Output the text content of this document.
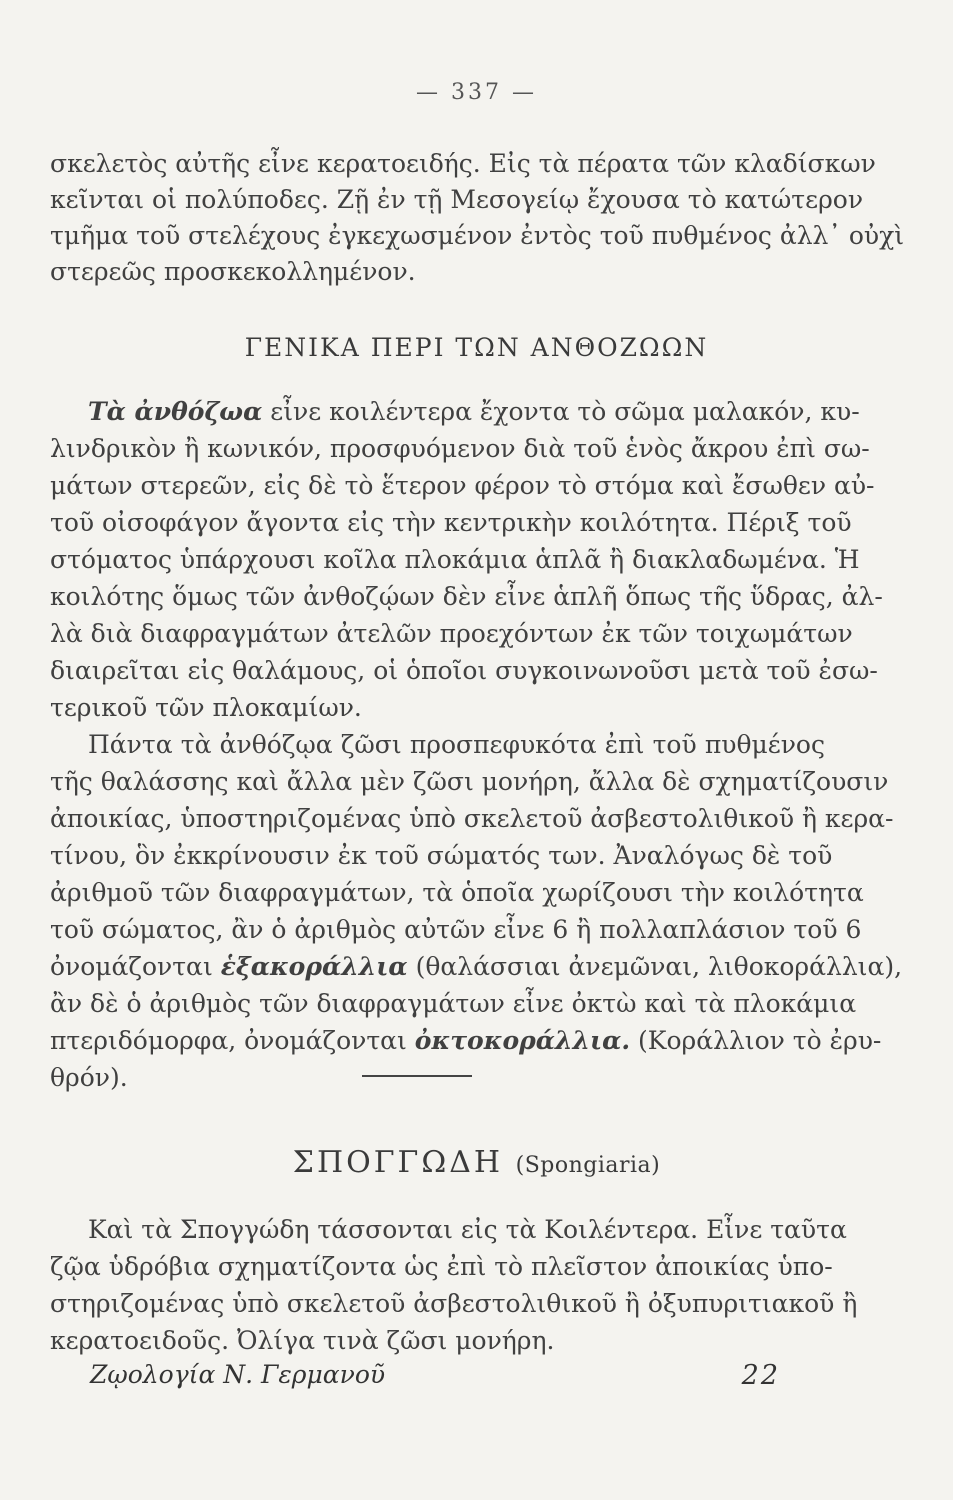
— 337 —
σκελετὸς αὐτῆς εἶνε κερατοειδής. Εἰς τὰ πέρατα τῶν κλαδίσκων
κεῖνται οἱ πολύποδες. Ζῇ ἐν τῇ Μεσογείῳ ἔχουσα τὸ κατώτερον
τμῆμα τοῦ στελέχους ἐγκεχωσμένον ἐντὸς τοῦ πυθμένος ἀλλ᾽ οὐχὶ
στερεῶς προσκεκολλημένον.
ΓΕΝΙΚΑ ΠΕΡΙ ΤΩΝ ΑΝΘΟΖΩΩΝ
Τὰ ἀνθόζωα εἶνε κοιλέντερα ἔχοντα τὸ σῶμα μαλακόν, κυ-
λινδρικὸν ἢ κωνικόν, προσφυόμενον διὰ τοῦ ἑνὸς ἄκρου ἐπὶ σω-
μάτων στερεῶν, εἰς δὲ τὸ ἕτερον φέρον τὸ στόμα καὶ ἔσωθεν αὐ-
τοῦ οἰσοφάγον ἄγοντα εἰς τὴν κεντρικὴν κοιλότητα. Πέριξ τοῦ
στόματος ὑπάρχουσι κοῖλα πλοκάμια ἁπλᾶ ἢ διακλαδωμένα. Ἡ
κοιλότης ὅμως τῶν ἀνθοζῴων δὲν εἶνε ἁπλῆ ὅπως τῆς ὕδρας, ἀλ-
λὰ διὰ διαφραγμάτων ἀτελῶν προεχόντων ἐκ τῶν τοιχωμάτων
διαιρεῖται εἰς θαλάμους, οἱ ὁποῖοι συγκοινωνοῦσι μετὰ τοῦ ἐσω-
τερικοῦ τῶν πλοκαμίων.
Πάντα τὰ ἀνθόζῳα ζῶσι προσπεφυκότα ἐπὶ τοῦ πυθμένος
τῆς θαλάσσης καὶ ἄλλα μὲν ζῶσι μονήρη, ἄλλα δὲ σχηματίζουσιν
ἀποικίας, ὑποστηριζομένας ὑπὸ σκελετοῦ ἀσβεστολιθικοῦ ἢ κερα-
τίνου, ὃν ἐκκρίνουσιν ἐκ τοῦ σώματός των. Ἀναλόγως δὲ τοῦ
ἀριθμοῦ τῶν διαφραγμάτων, τὰ ὁποῖα χωρίζουσι τὴν κοιλότητα
τοῦ σώματος, ἂν ὁ ἀριθμὸς αὐτῶν εἶνε 6 ἢ πολλαπλάσιον τοῦ 6
ὀνομάζονται ἑξακοράλλια (θαλάσσιαι ἀνεμῶναι, λιθοκοράλλια),
ἂν δὲ ὁ ἀριθμὸς τῶν διαφραγμάτων εἶνε ὀκτὼ καὶ τὰ πλοκάμια
πτεριδόμορφα, ὀνομάζονται ὀκτοκοράλλια. (Κοράλλιον τὸ ἐρυ-
θρόν).
ΣΠΟΓΓΩΔΗ (Spongiaria)
Καὶ τὰ Σπογγώδη τάσσονται εἰς τὰ Κοιλέντερα. Εἶνε ταῦτα
ζῷα ὑδρόβια σχηματίζοντα ὡς ἐπὶ τὸ πλεῖστον ἀποικίας ὑπο-
στηριζομένας ὑπὸ σκελετοῦ ἀσβεστολιθικοῦ ἢ ὀξυπυριτιακοῦ ἢ
κερατοειδοῦς. Ὀλίγα τινὰ ζῶσι μονήρη.
Ζῳολογία Ν. Γερμανοῦ	22
